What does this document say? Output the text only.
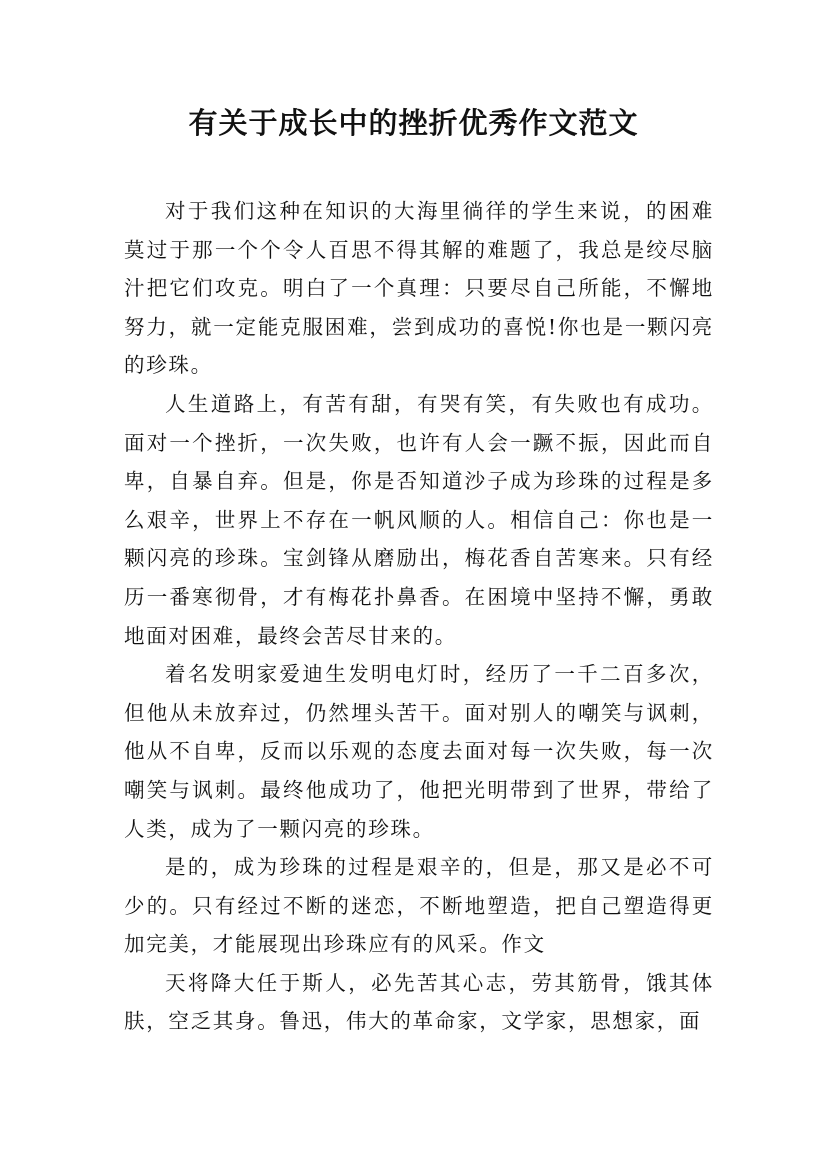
有关于成长中的挫折优秀作文范文

对于我们这种在知识的大海里徜徉的学生来说，的困难莫过于那一个个令人百思不得其解的难题了，我总是绞尽脑汁把它们攻克。明白了一个真理：只要尽自己所能，不懈地努力，就一定能克服困难，尝到成功的喜悦!你也是一颗闪亮的珍珠。

人生道路上，有苦有甜，有哭有笑，有失败也有成功。面对一个挫折，一次失败，也许有人会一蹶不振，因此而自卑，自暴自弃。但是，你是否知道沙子成为珍珠的过程是多么艰辛，世界上不存在一帆风顺的人。相信自己：你也是一颗闪亮的珍珠。宝剑锋从磨励出，梅花香自苦寒来。只有经历一番寒彻骨，才有梅花扑鼻香。在困境中坚持不懈，勇敢地面对困难，最终会苦尽甘来的。

着名发明家爱迪生发明电灯时，经历了一千二百多次，但他从未放弃过，仍然埋头苦干。面对别人的嘲笑与讽刺，他从不自卑，反而以乐观的态度去面对每一次失败，每一次嘲笑与讽刺。最终他成功了，他把光明带到了世界，带给了人类，成为了一颗闪亮的珍珠。

是的，成为珍珠的过程是艰辛的，但是，那又是必不可少的。只有经过不断的迷恋，不断地塑造，把自己塑造得更加完美，才能展现出珍珠应有的风采。作文

天将降大任于斯人，必先苦其心志，劳其筋骨，饿其体肤，空乏其身。鲁迅，伟大的革命家，文学家，思想家，面
